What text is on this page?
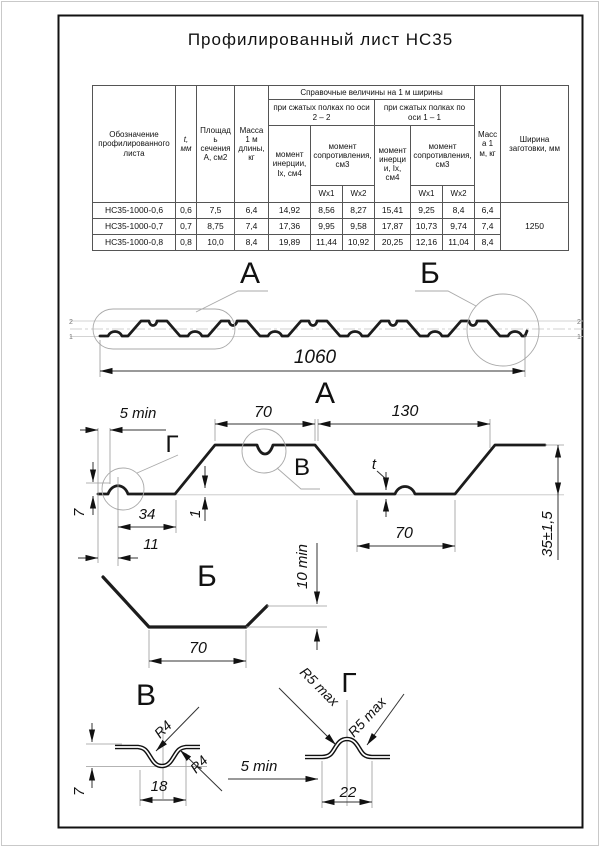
Профилированный лист НС35
Обозначение профилированного листа	t, мм	Площадь сечения А, см2	Масса 1 м длины, кг	Справочные величины на 1 м ширины						Масса 1 м, кг	Ширина заготовки, мм
				при сжатых полках по оси 2 – 2			при сжатых полках по оси 1 – 1				
				момент инерции, Ix, см4	момент сопротивления, см3		момент инерции, Ix, см4	момент сопротивления, см3			
					Wx1	Wx2		Wx1	Wx2		
НС35-1000-0,6	0,6	7,5	6,4	14,92	8,56	8,27	15,41	9,25	8,4	6,4	1250
НС35-1000-0,7	0,7	8,75	7,4	17,36	9,95	9,58	17,87	10,73	9,74	7,4	
НС35-1000-0,8	0,8	10,0	8,4	19,89	11,44	10,92	20,25	12,16	11,04	8,4	
2
1
2
1
А	Б
1060
А
5 min	70	130
Г
В	t
7	34 1
11
70	35±1,5
Б
70
10 min
В
7	18
R4
R4 5 min
Г
R5 max
R5 max
22
